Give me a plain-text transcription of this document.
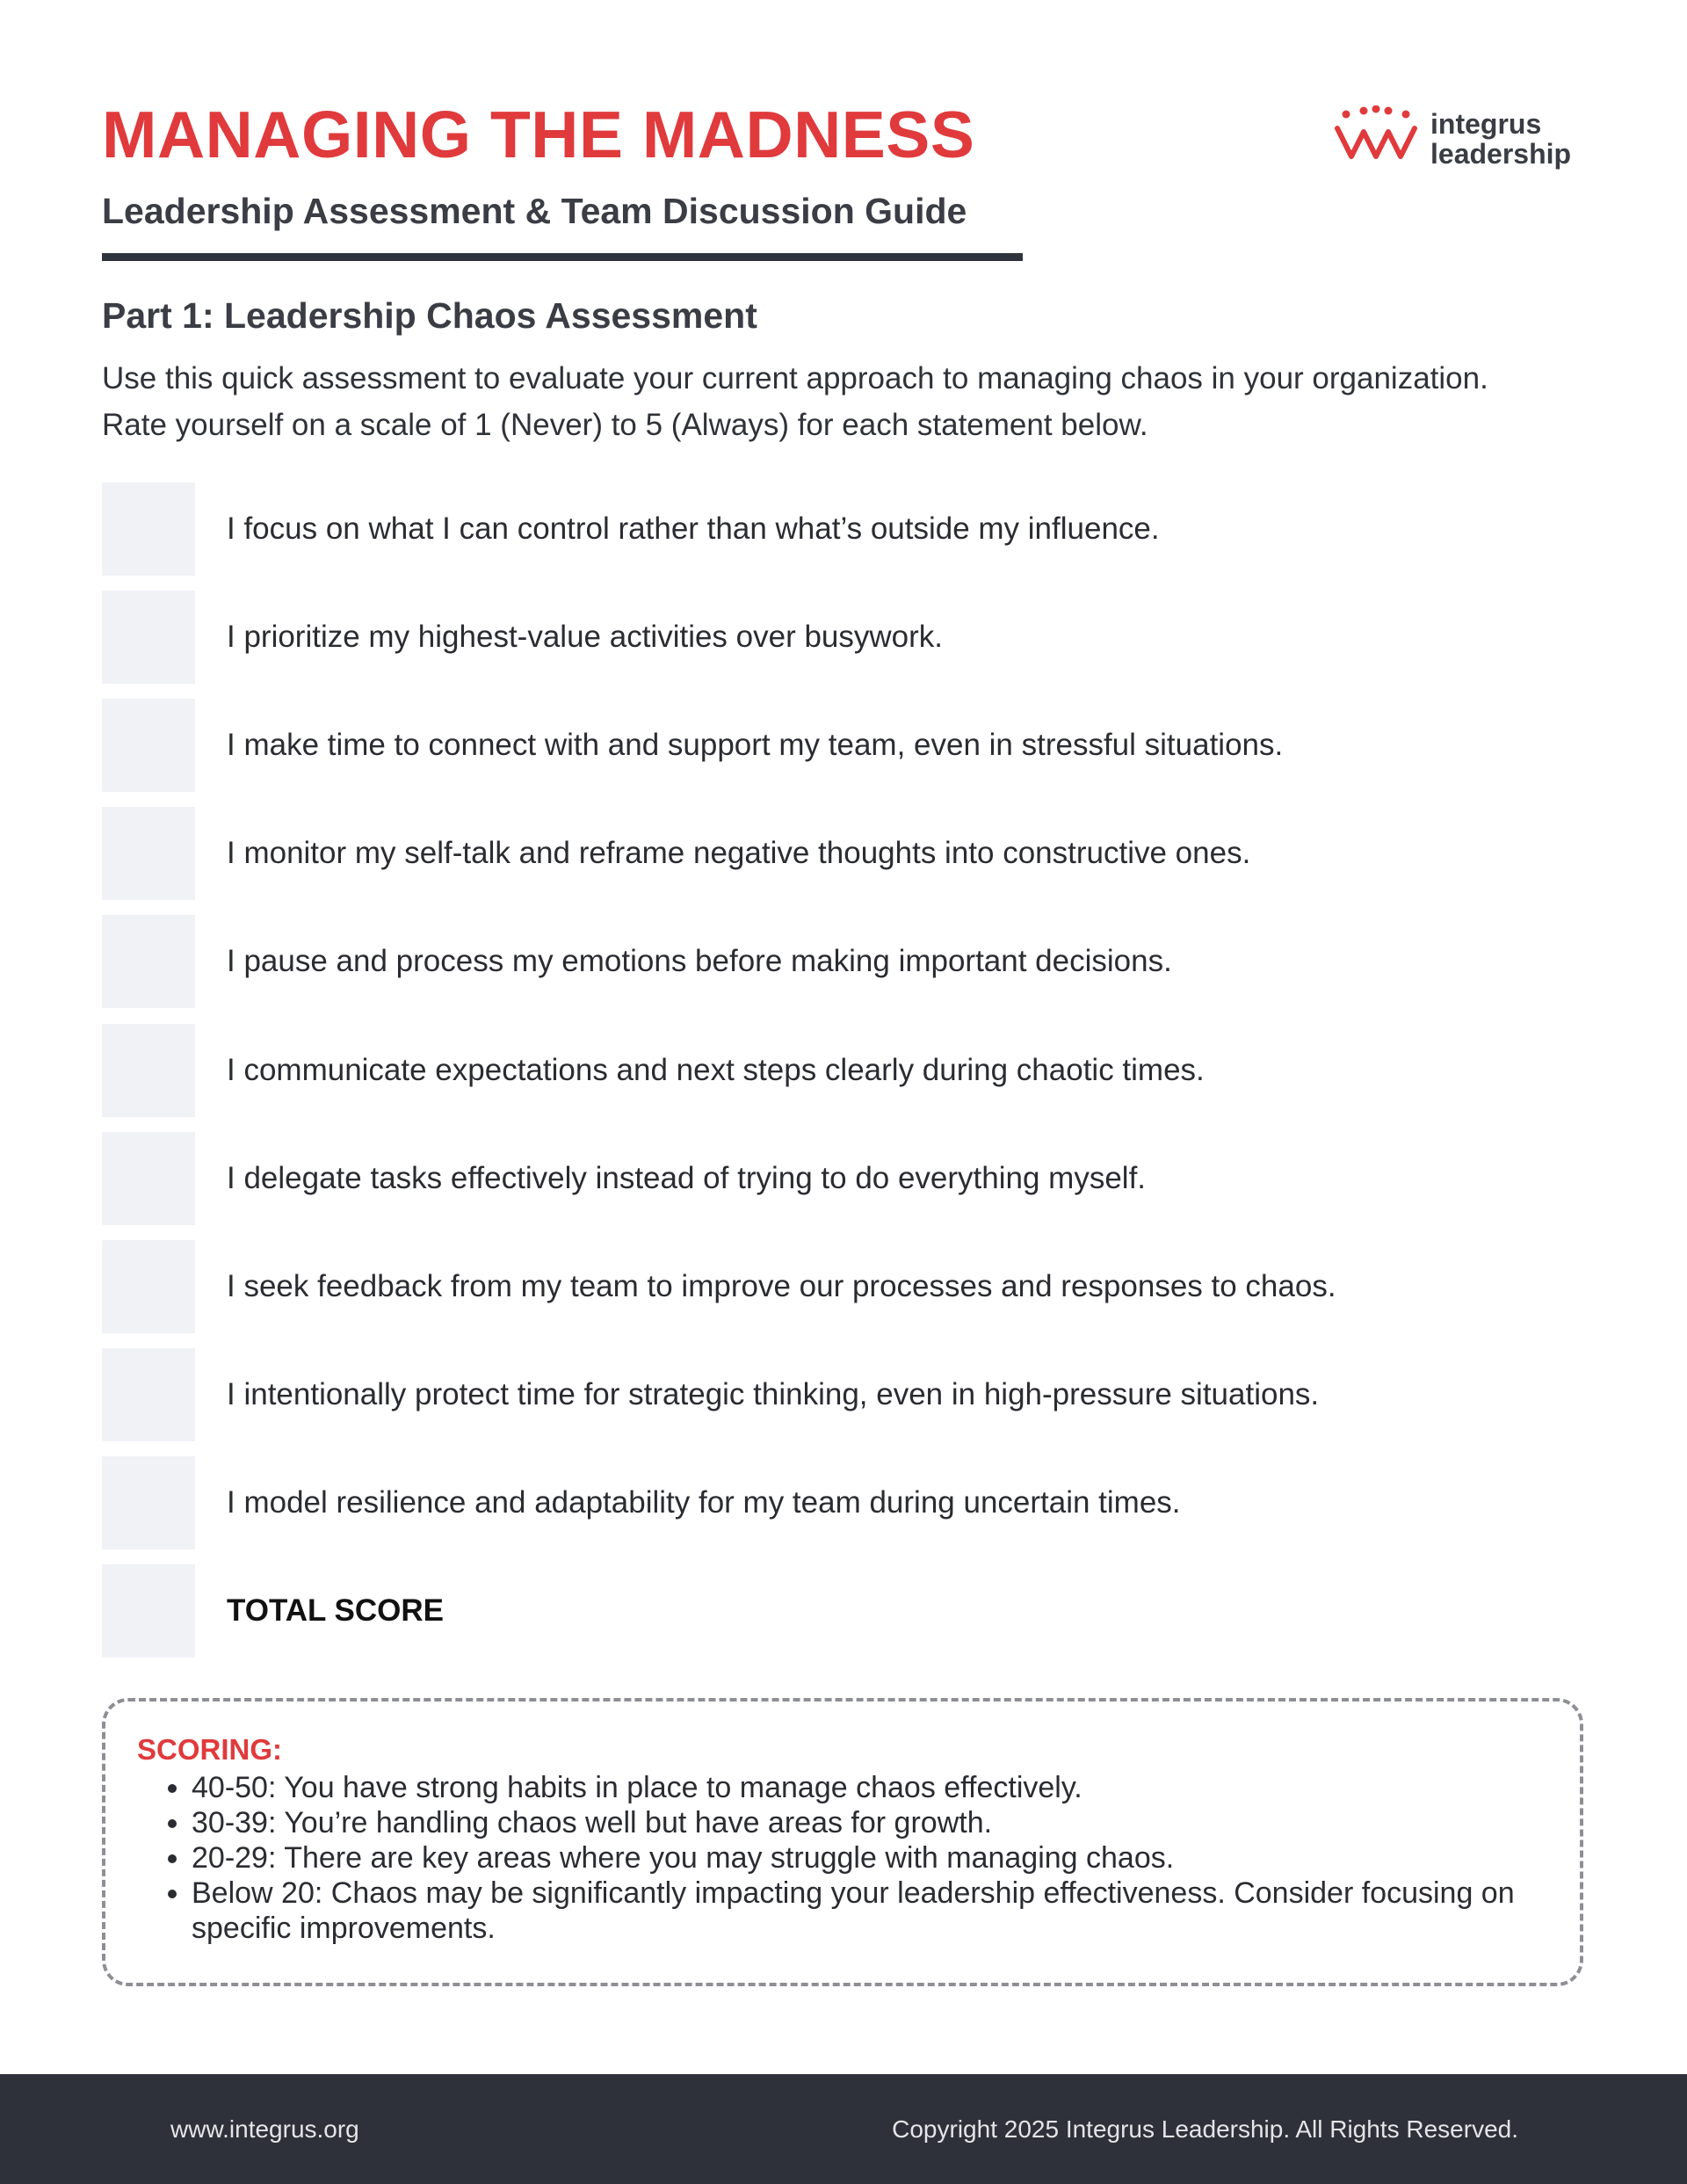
MANAGING THE MADNESS
Leadership Assessment & Team Discussion Guide
integrus
leadership
Part 1: Leadership Chaos Assessment

Use this quick assessment to evaluate your current approach to managing chaos in your organization. Rate yourself on a scale of 1 (Never) to 5 (Always) for each statement below.

I focus on what I can control rather than what’s outside my influence.
I prioritize my highest-value activities over busywork.
I make time to connect with and support my team, even in stressful situations.
I monitor my self-talk and reframe negative thoughts into constructive ones.
I pause and process my emotions before making important decisions.
I communicate expectations and next steps clearly during chaotic times.
I delegate tasks effectively instead of trying to do everything myself.
I seek feedback from my team to improve our processes and responses to chaos.
I intentionally protect time for strategic thinking, even in high-pressure situations.
I model resilience and adaptability for my team during uncertain times.
TOTAL SCORE
SCORING:
• 40-50: You have strong habits in place to manage chaos effectively.
• 30-39: You’re handling chaos well but have areas for growth.
• 20-29: There are key areas where you may struggle with managing chaos.
• Below 20: Chaos may be significantly impacting your leadership effectiveness. Consider focusing on specific improvements.
www.integrus.org	Copyright 2025 Integrus Leadership. All Rights Reserved.
